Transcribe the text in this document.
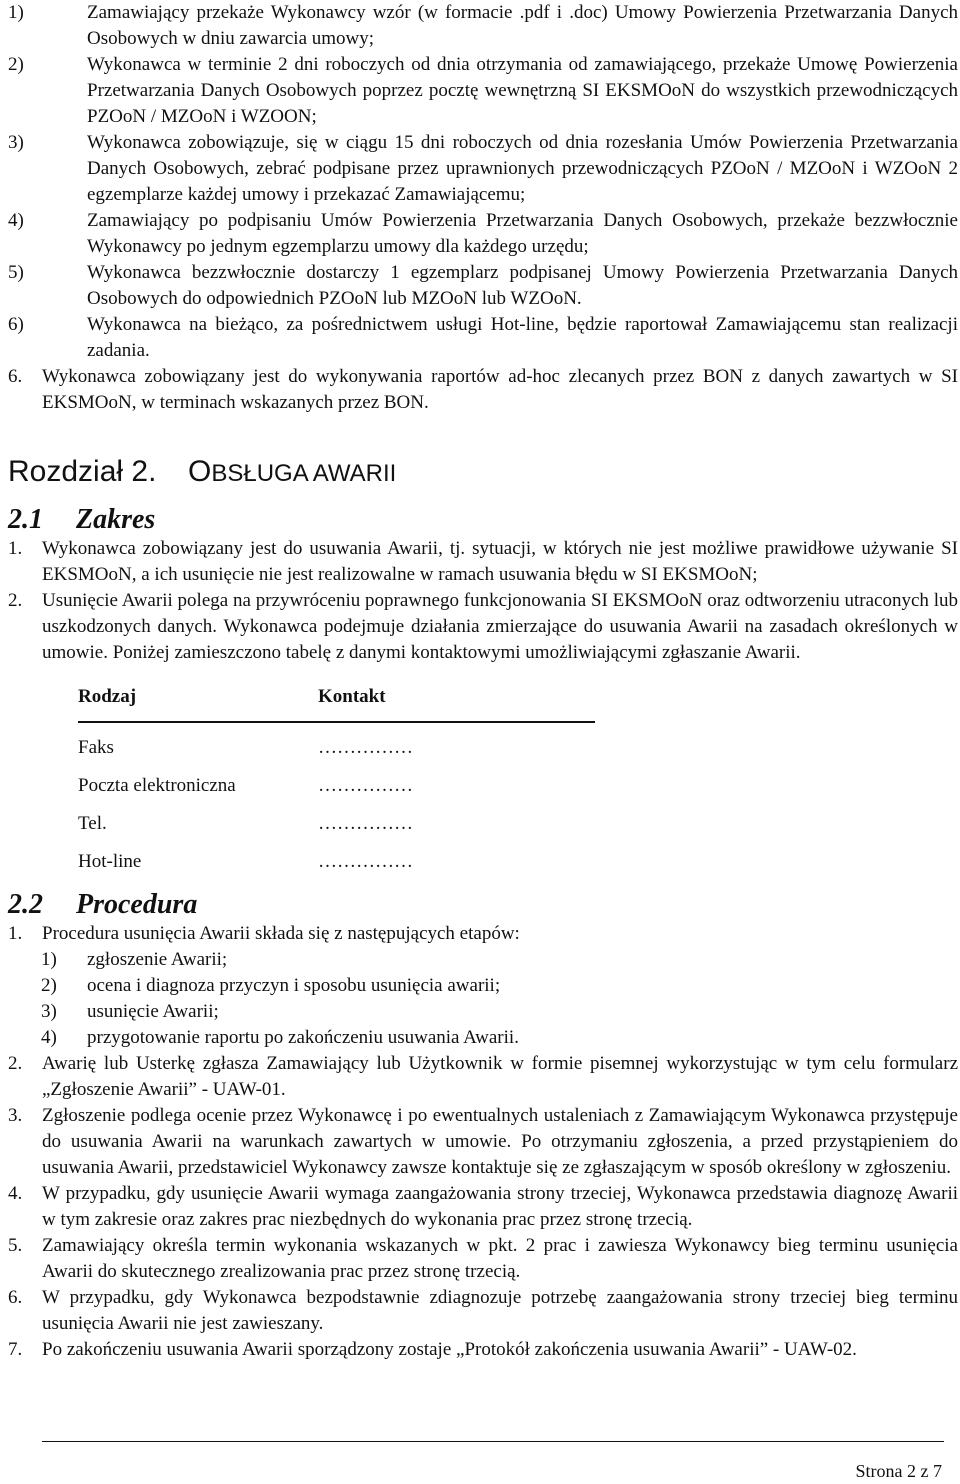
1)	Zamawiający przekaże Wykonawcy wzór (w formacie .pdf i .doc) Umowy Powierzenia Przetwarzania Danych Osobowych w dniu zawarcia umowy;
2)	Wykonawca w terminie 2 dni roboczych od dnia otrzymania od zamawiającego, przekaże Umowę Powierzenia Przetwarzania Danych Osobowych poprzez pocztę wewnętrzną SI EKSMOoN do wszystkich przewodniczących PZOoN / MZOoN i WZOON;
3)	Wykonawca zobowiązuje, się w ciągu 15 dni roboczych od dnia rozesłania Umów Powierzenia Przetwarzania Danych Osobowych, zebrać podpisane przez uprawnionych przewodniczących PZOoN / MZOoN i WZOoN 2 egzemplarze każdej umowy i przekazać Zamawiającemu;
4)	Zamawiający po podpisaniu Umów Powierzenia Przetwarzania Danych Osobowych, przekaże bezzwłocznie Wykonawcy po jednym egzemplarzu umowy dla każdego urzędu;
5)	Wykonawca bezzwłocznie dostarczy 1 egzemplarz podpisanej Umowy Powierzenia Przetwarzania Danych Osobowych do odpowiednich PZOoN lub MZOoN lub WZOoN.
6)	Wykonawca na bieżąco, za pośrednictwem usługi Hot-line, będzie raportował Zamawiającemu stan realizacji zadania.
6. Wykonawca zobowiązany jest do wykonywania raportów ad-hoc zlecanych przez BON z danych zawartych w SI EKSMOoN, w terminach wskazanych przez BON.
Rozdział 2.	OBSŁUGA AWARII
2.1	Zakres
1. Wykonawca zobowiązany jest do usuwania Awarii, tj. sytuacji, w których nie jest możliwe prawidłowe używanie SI EKSMOoN, a ich usunięcie nie jest realizowalne w ramach usuwania błędu w SI EKSMOoN;
2. Usunięcie Awarii polega na przywróceniu poprawnego funkcjonowania SI EKSMOoN oraz odtworzeniu utraconych lub uszkodzonych danych. Wykonawca podejmuje działania zmierzające do usuwania Awarii na zasadach określonych w umowie. Poniżej zamieszczono tabelę z danymi kontaktowymi umożliwiającymi zgłaszanie Awarii.
Rodzaj	Kontakt
Faks	……………
Poczta elektroniczna	……………
Tel.	……………
Hot-line	……………
2.2	Procedura
1. Procedura usunięcia Awarii składa się z następujących etapów:
1) zgłoszenie Awarii;
2) ocena i diagnoza przyczyn i sposobu usunięcia awarii;
3) usunięcie Awarii;
4) przygotowanie raportu po zakończeniu usuwania Awarii.
2. Awarię lub Usterkę zgłasza Zamawiający lub Użytkownik w formie pisemnej wykorzystując w tym celu formularz „Zgłoszenie Awarii” - UAW-01.
3. Zgłoszenie podlega ocenie przez Wykonawcę i po ewentualnych ustaleniach z Zamawiającym Wykonawca przystępuje do usuwania Awarii na warunkach zawartych w umowie. Po otrzymaniu zgłoszenia, a przed przystąpieniem do usuwania Awarii, przedstawiciel Wykonawcy zawsze kontaktuje się ze zgłaszającym w sposób określony w zgłoszeniu.
4. W przypadku, gdy usunięcie Awarii wymaga zaangażowania strony trzeciej, Wykonawca przedstawia diagnozę Awarii w tym zakresie oraz zakres prac niezbędnych do wykonania prac przez stronę trzecią.
5. Zamawiający określa termin wykonania wskazanych w pkt. 2 prac i zawiesza Wykonawcy bieg terminu usunięcia Awarii do skutecznego zrealizowania prac przez stronę trzecią.
6. W przypadku, gdy Wykonawca bezpodstawnie zdiagnozuje potrzebę zaangażowania strony trzeciej bieg terminu usunięcia Awarii nie jest zawieszany.
7. Po zakończeniu usuwania Awarii sporządzony zostaje „Protokół zakończenia usuwania Awarii” - UAW-02.
Strona 2 z 7
